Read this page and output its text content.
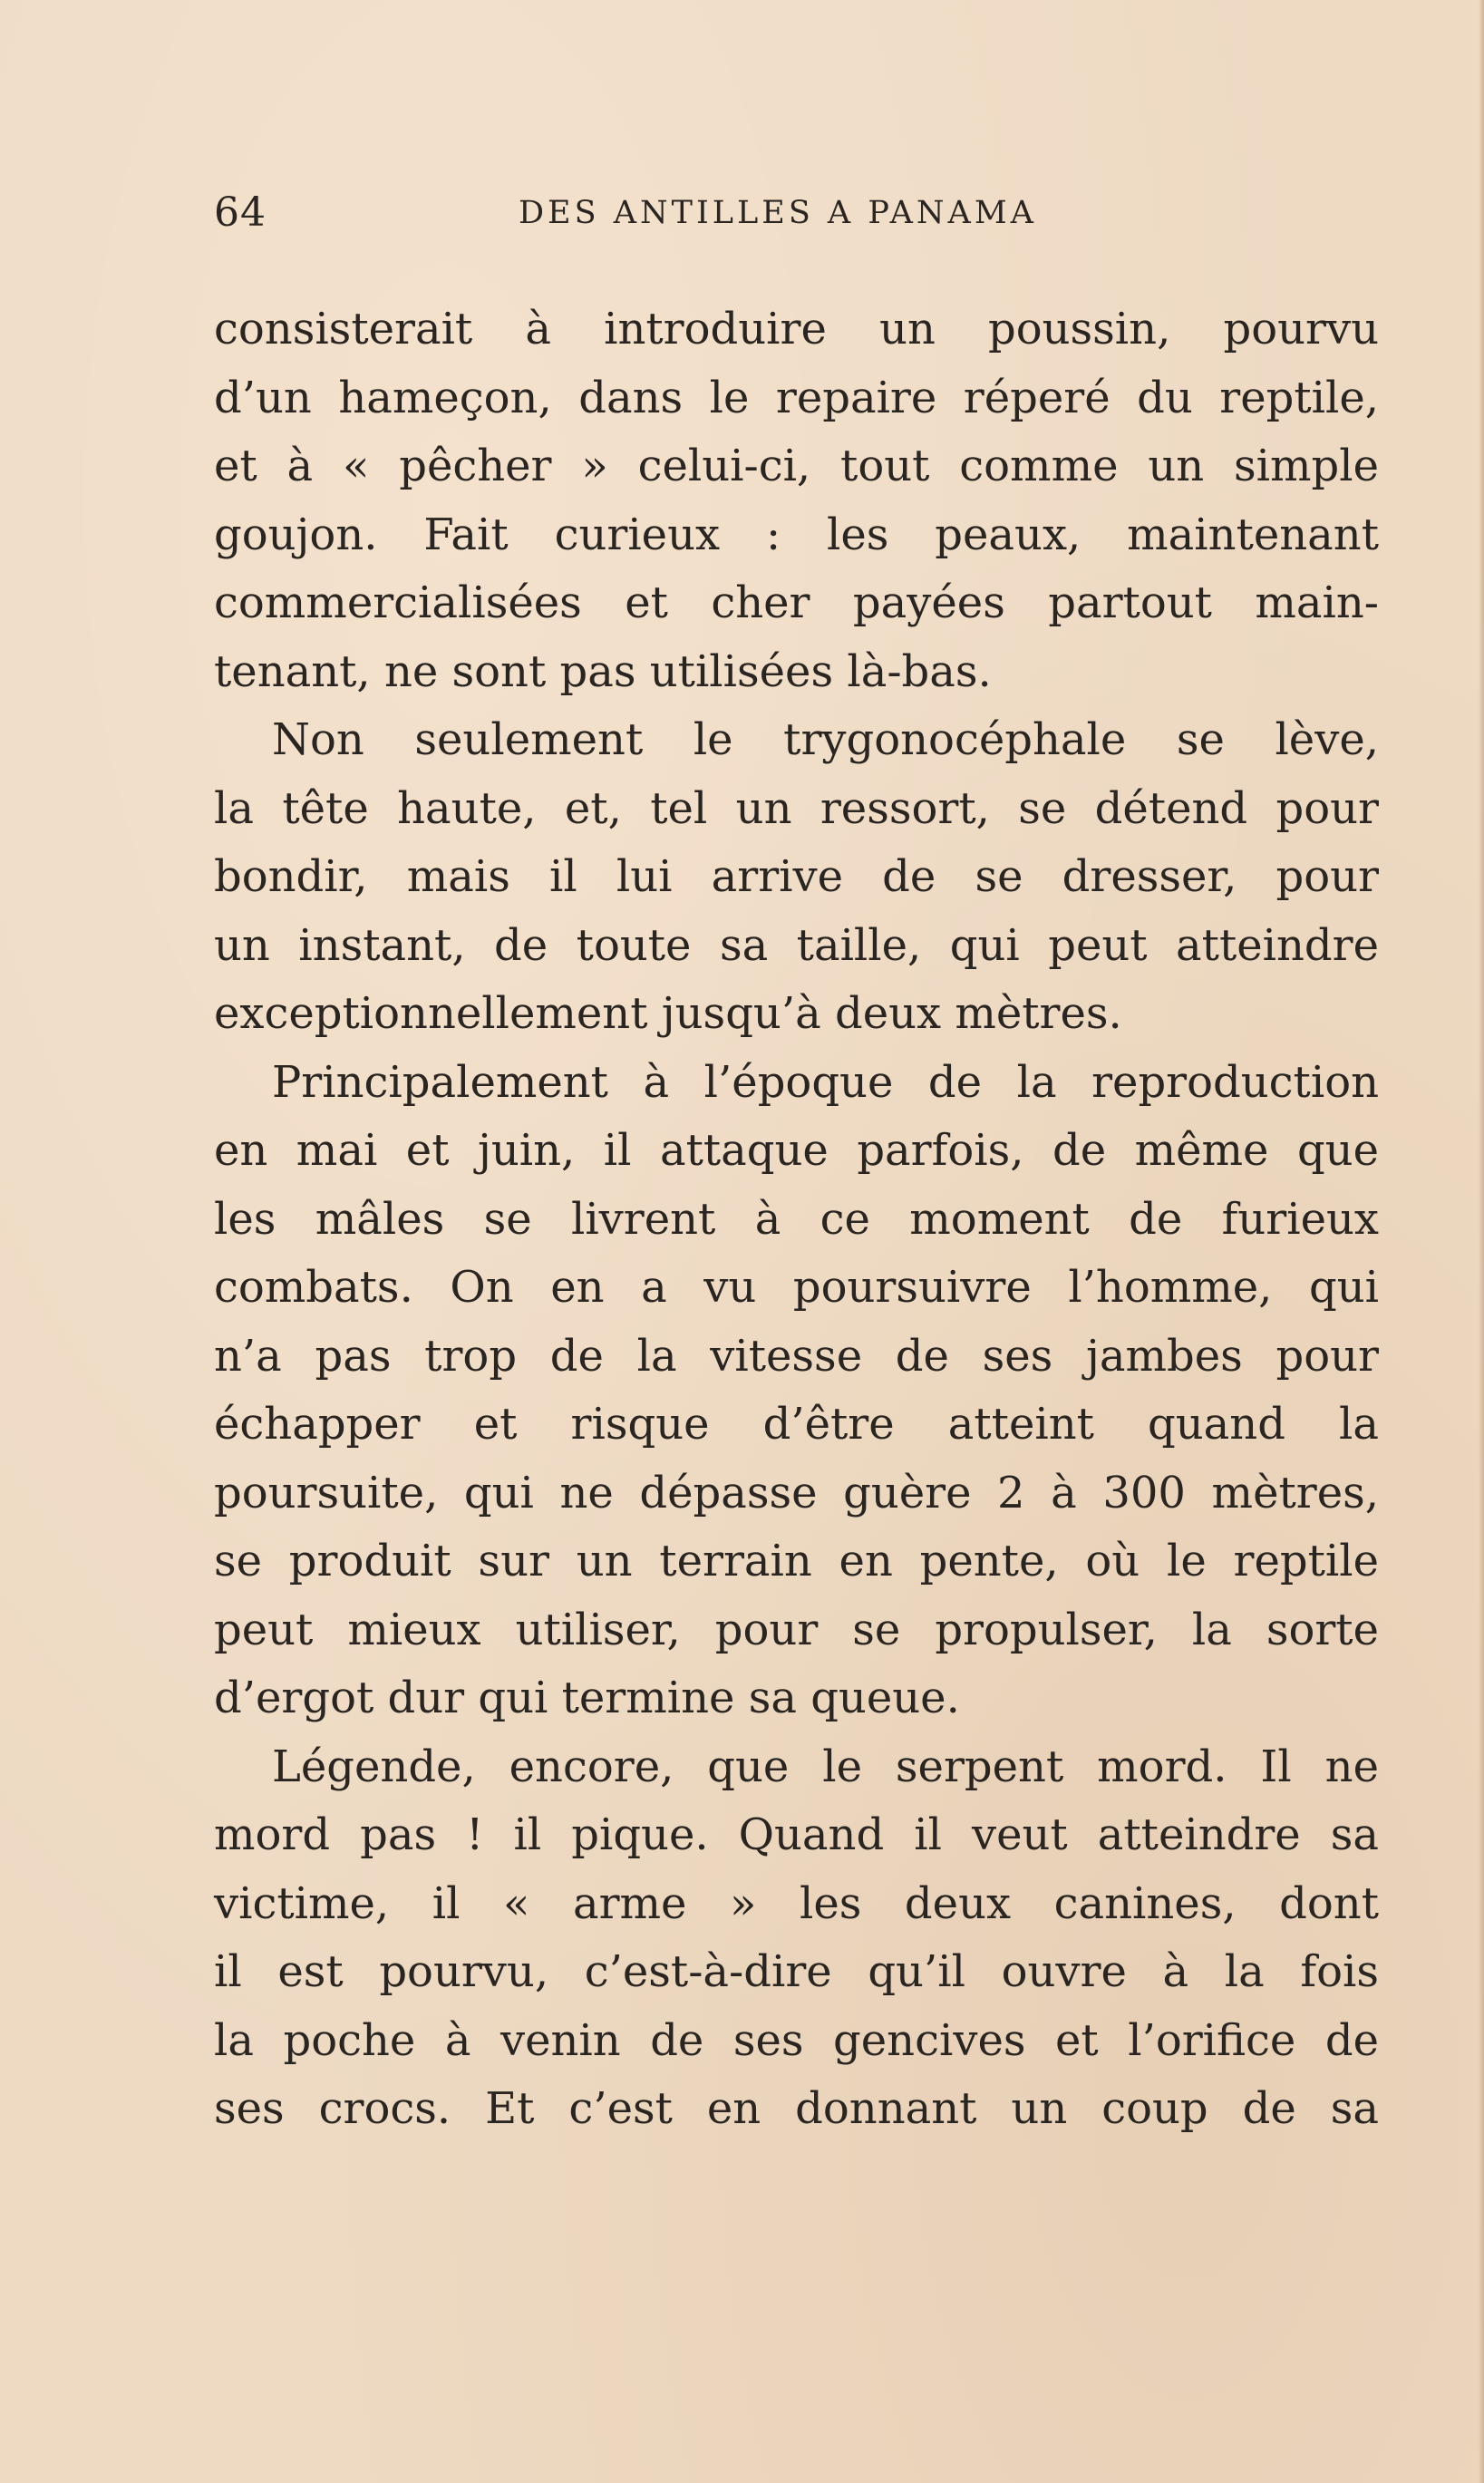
64	DES ANTILLES A PANAMA
consisterait à introduire un poussin, pourvu
d’un hameçon, dans le repaire réperé du reptile,
et à « pêcher » celui-ci, tout comme un simple
goujon. Fait curieux : les peaux, maintenant
commercialisées et cher payées partout main-
tenant, ne sont pas utilisées là-bas.
Non seulement le trygonocéphale se lève,
la tête haute, et, tel un ressort, se détend pour
bondir, mais il lui arrive de se dresser, pour
un instant, de toute sa taille, qui peut atteindre
exceptionnellement jusqu’à deux mètres.
Principalement à l’époque de la reproduction
en mai et juin, il attaque parfois, de même que
les mâles se livrent à ce moment de furieux
combats. On en a vu poursuivre l’homme, qui
n’a pas trop de la vitesse de ses jambes pour
échapper et risque d’être atteint quand la
poursuite, qui ne dépasse guère 2 à 300 mètres,
se produit sur un terrain en pente, où le reptile
peut mieux utiliser, pour se propulser, la sorte
d’ergot dur qui termine sa queue.
Légende, encore, que le serpent mord. Il ne
mord pas ! il pique. Quand il veut atteindre sa
victime, il « arme » les deux canines, dont
il est pourvu, c’est-à-dire qu’il ouvre à la fois
la poche à venin de ses gencives et l’orifice de
ses crocs. Et c’est en donnant un coup de sa
